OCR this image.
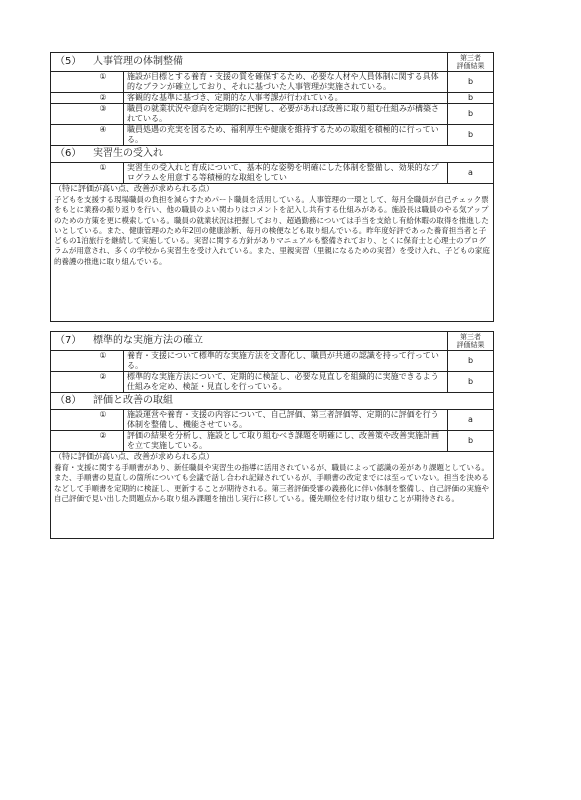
（5）	人事管理の体制整備	第三者
評価結果
①	施設が目標とする養育・支援の質を確保するため、必要な人材や人員体制に関する具体的なプランが確立しており、それに基づいた人事管理が実施されている。
b
②	客観的な基準に基づき、定期的な人事考課が行われている。	b
③	職員の就業状況や意向を定期的に把握し、必要があれば改善に取り組む仕組みが構築されている。
b
④	職員処遇の充実を図るため、福利厚生や健康を維持するための取組を積極的に行っている。
b
（6）	実習生の受入れ
①	実習生の受入れと育成について、基本的な姿勢を明確にした体制を整備し、効果的なプログラムを用意する等積極的な取組をしてい
a
（特に評価が高い点、改善が求められる点）
子どもを支援する現場職員の負担を減らすためパート職員を活用している。人事管理の一環として、毎月全職員が自己チェック票をもとに業務の振り返りを行い、他の職員のよい関わりはコメントを記入し共有する仕組みがある。施設長は職員のやる気アップのための方策を更に模索している。職員の就業状況は把握しており、超過勤務については手当を支給し有給休暇の取得を推進したいとしている。また、健康管理のため年2回の健康診断、毎月の検便なども取り組んでいる。昨年度好評であった養育担当者と子どもの1泊旅行を継続して実施している。実習に関する方針がありマニュアルも整備されており、とくに保育士と心理士のプログラムが用意され、多くの学校から実習生を受け入れている。また、里親実習（里親になるための実習）を受け入れ、子どもの家庭的養護の推進に取り組んでいる。
（7）	標準的な実施方法の確立	第三者
評価結果
①	養育・支援について標準的な実施方法を文書化し、職員が共通の認識を持って行っている。
b
②	標準的な実施方法について、定期的に検証し、必要な見直しを組織的に実施できるよう仕組みを定め、検証・見直しを行っている。
b
（8）	評価と改善の取組
①	施設運営や養育・支援の内容について、自己評価、第三者評価等、定期的に評価を行う体制を整備し、機能させている。
a
②	評価の結果を分析し、施設として取り組むべき課題を明確にし、改善策や改善実施計画を立て実施している。
b
（特に評価が高い点、改善が求められる点）
養育・支援に関する手順書があり、新任職員や実習生の指導に活用されているが、職員によって認識の差があり課題としている。また、手順書の見直しの箇所についても会議で話し合われ記録されているが、手順書の改定までには至っていない。担当を決めるなどして手順書を定期的に検証し、更新することが期待される。第三者評価受審の義務化に伴い体制を整備し、自己評価の実施や自己評価で見い出した問題点から取り組み課題を抽出し実行に移している。優先順位を付け取り組むことが期待される。
